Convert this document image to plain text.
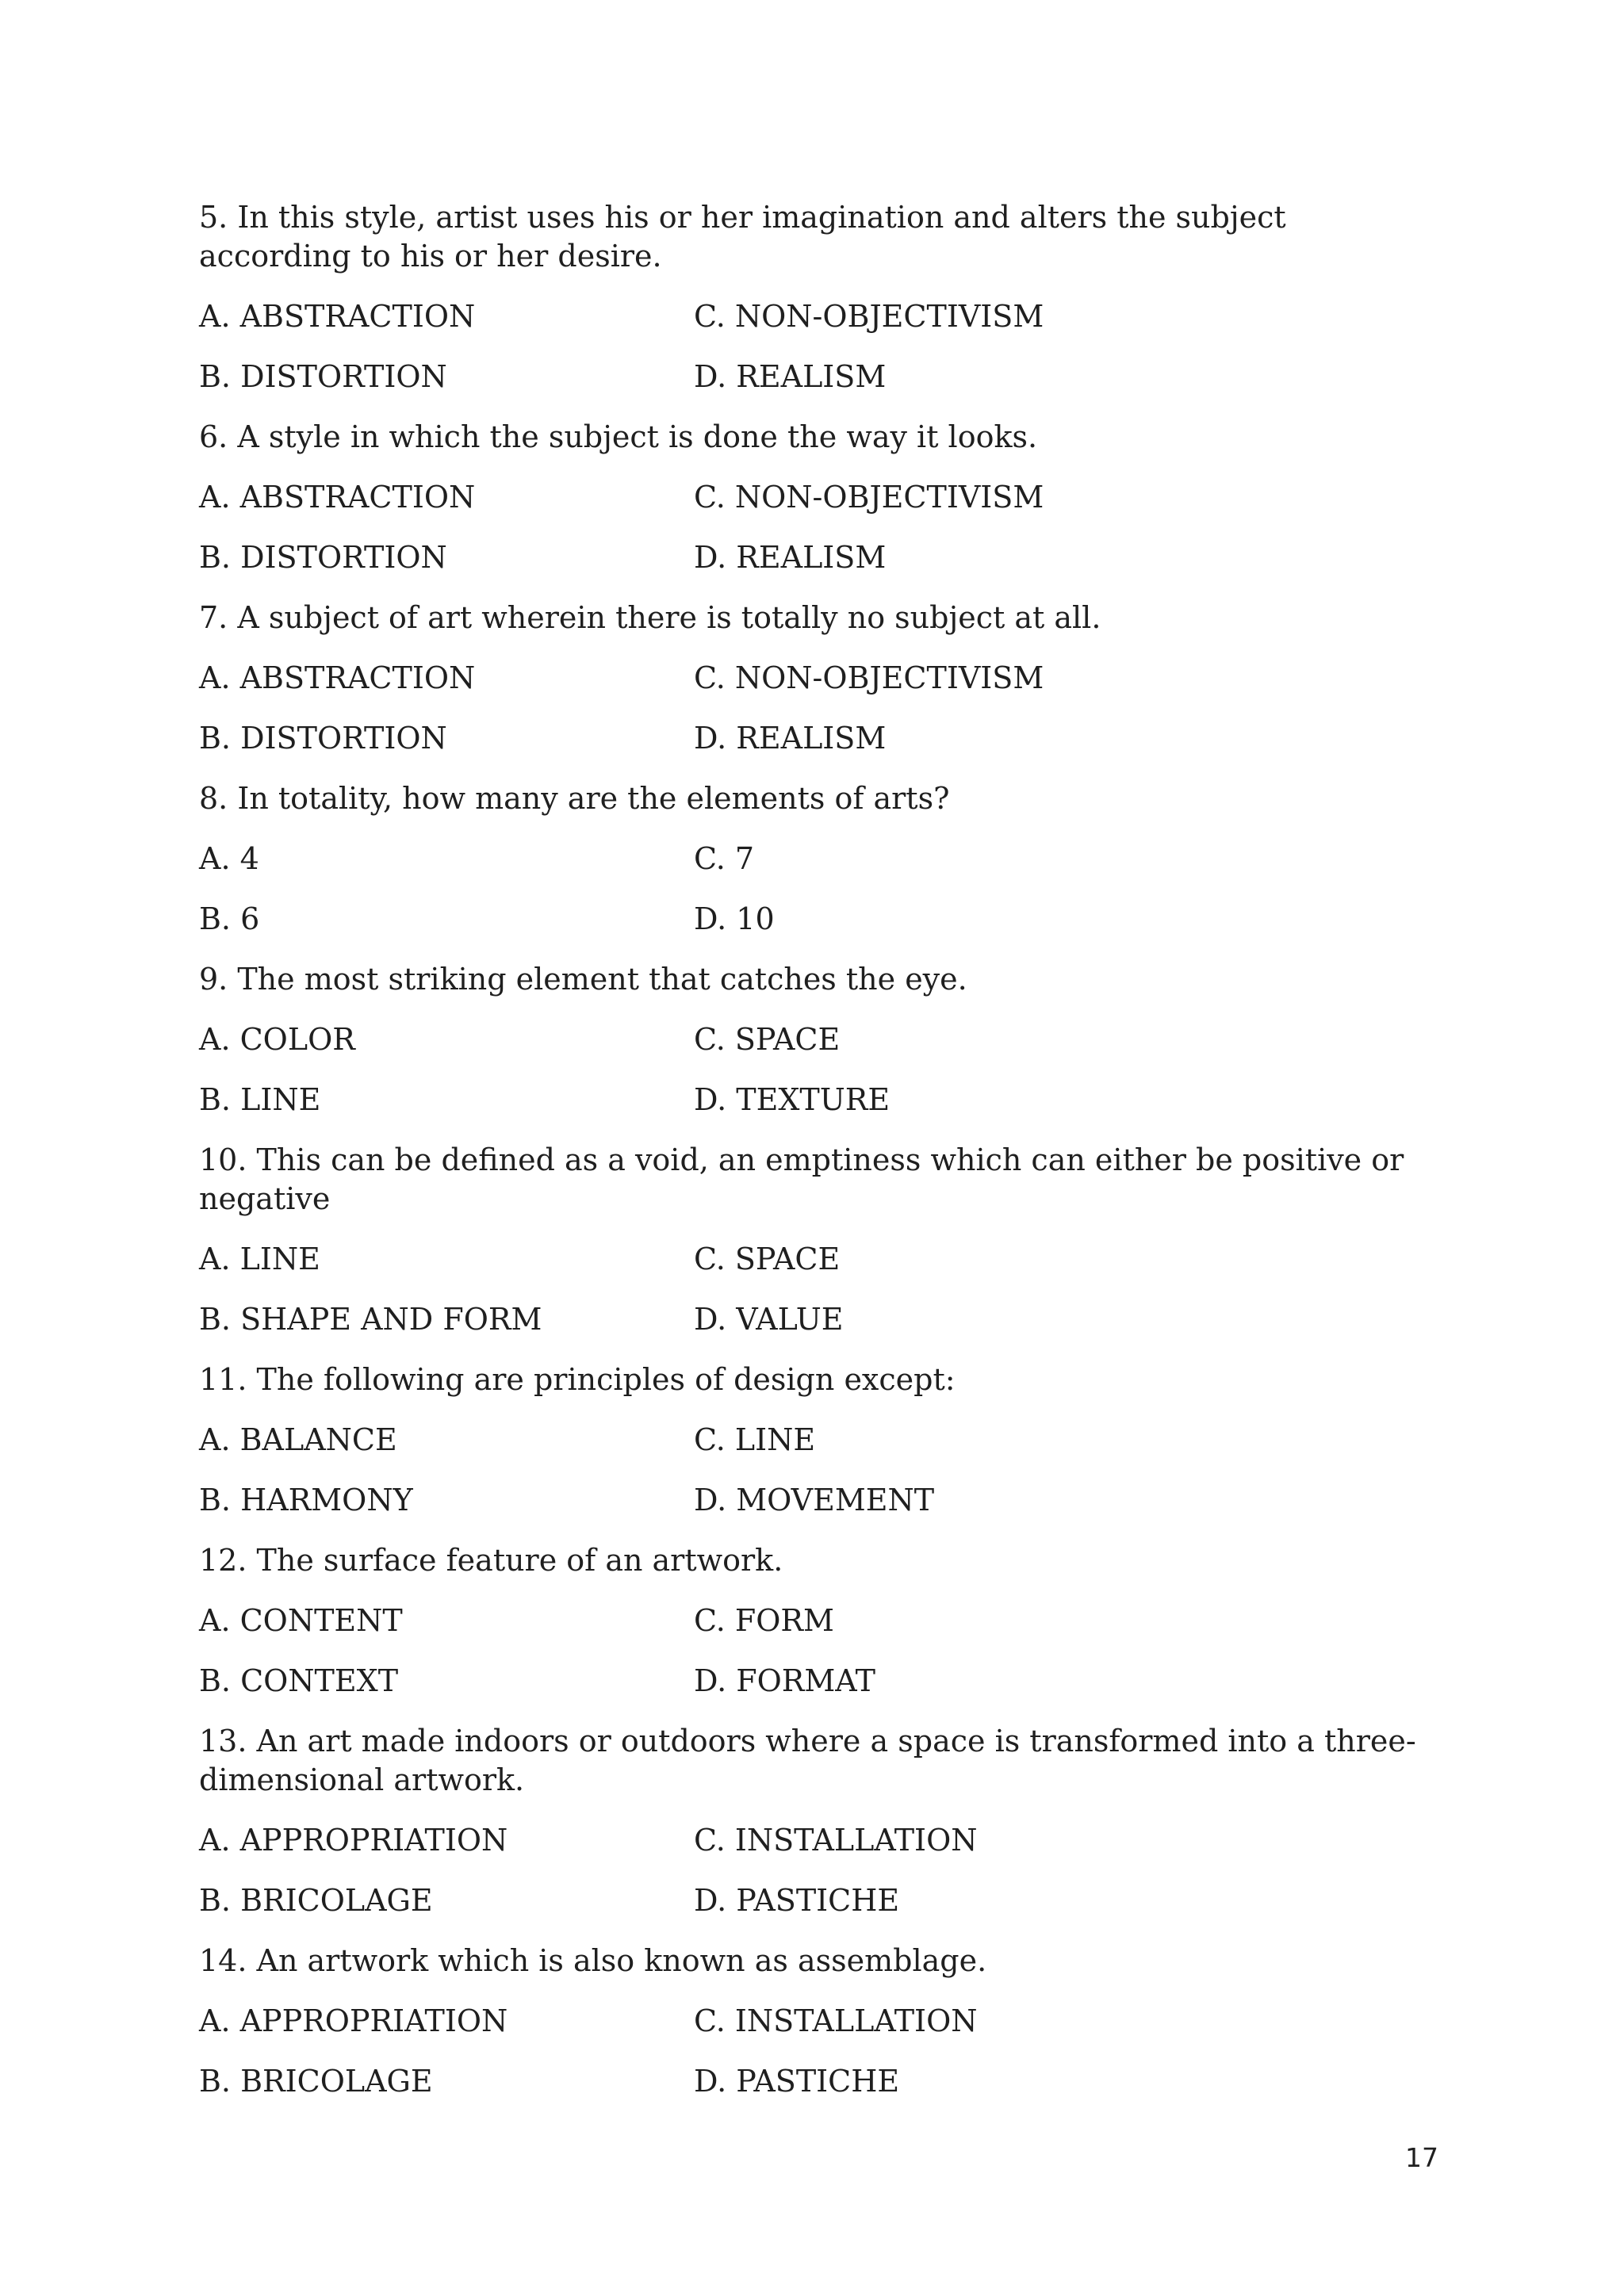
5. In this style, artist uses his or her imagination and alters the subject according to his or her desire.
A. ABSTRACTION	C. NON-OBJECTIVISM
B. DISTORTION	D. REALISM
6. A style in which the subject is done the way it looks.
A. ABSTRACTION	C. NON-OBJECTIVISM
B. DISTORTION	D. REALISM
7. A subject of art wherein there is totally no subject at all.
A. ABSTRACTION	C. NON-OBJECTIVISM
B. DISTORTION	D. REALISM
8. In totality, how many are the elements of arts?
A. 4	C. 7
B. 6	D. 10
9. The most striking element that catches the eye.
A. COLOR	C. SPACE
B. LINE	D. TEXTURE
10. This can be defined as a void, an emptiness which can either be positive or negative
A. LINE	C. SPACE
B. SHAPE AND FORM	D. VALUE
11. The following are principles of design except:
A. BALANCE	C. LINE
B. HARMONY	D. MOVEMENT
12. The surface feature of an artwork.
A. CONTENT	C. FORM
B. CONTEXT	D. FORMAT
13. An art made indoors or outdoors where a space is transformed into a three-dimensional artwork.
A. APPROPRIATION	C. INSTALLATION
B. BRICOLAGE	D. PASTICHE
14. An artwork which is also known as assemblage.
A. APPROPRIATION	C. INSTALLATION
B. BRICOLAGE	D. PASTICHE
17
